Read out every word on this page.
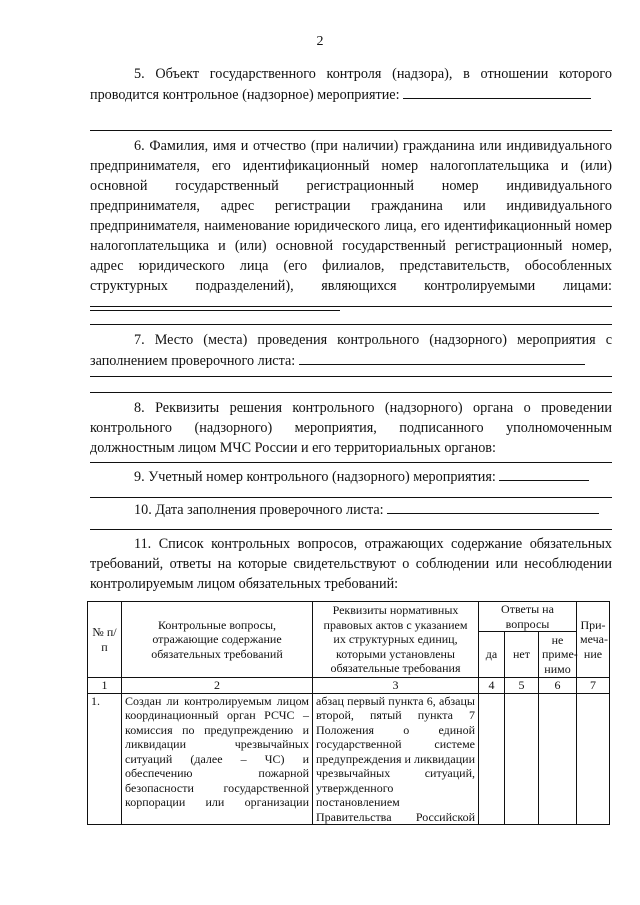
2
5. Объект государственного контроля (надзора), в отношении которого проводится контрольное (надзорное) мероприятие:
6. Фамилия, имя и отчество (при наличии) гражданина или индивидуального предпринимателя, его идентификационный номер налогоплательщика и (или) основной государственный регистрационный номер индивидуального предпринимателя, адрес регистрации гражданина или индивидуального предпринимателя, наименование юридического лица, его идентификационный номер налогоплательщика и (или) основной государственный регистрационный номер, адрес юридического лица (его филиалов, представительств, обособленных структурных подразделений), являющихся контролируемыми лицами:
7. Место (места) проведения контрольного (надзорного) мероприятия с заполнением проверочного листа:
8. Реквизиты решения контрольного (надзорного) органа о проведении контрольного (надзорного) мероприятия, подписанного уполномоченным должностным лицом МЧС России и его территориальных органов:
9. Учетный номер контрольного (надзорного) мероприятия:
10. Дата заполнения проверочного листа:
11. Список контрольных вопросов, отражающих содержание обязательных требований, ответы на которые свидетельствуют о соблюдении или несоблюдении контролируемым лицом обязательных требований:
№ п/п	Контрольные вопросы, отражающие содержание обязательных требований	Реквизиты нормативных правовых актов с указанием их структурных единиц, которыми установлены обязательные требования	Ответы на вопросы			При-меча-ние
			да	нет	не приме-нимо	
1	2	3	4	5	6	7
1.	Создан ли контролируемым лицом координационный орган РСЧС – комиссия по предупреждению и ликвидации чрезвычайных ситуаций (далее – ЧС) и обеспечению пожарной безопасности государственной корпорации или организации	абзац первый пункта 6, абзацы второй, пятый пункта 7 Положения о единой государственной системе предупреждения и ликвидации чрезвычайных ситуаций, утвержденного постановлением Правительства Российской				
